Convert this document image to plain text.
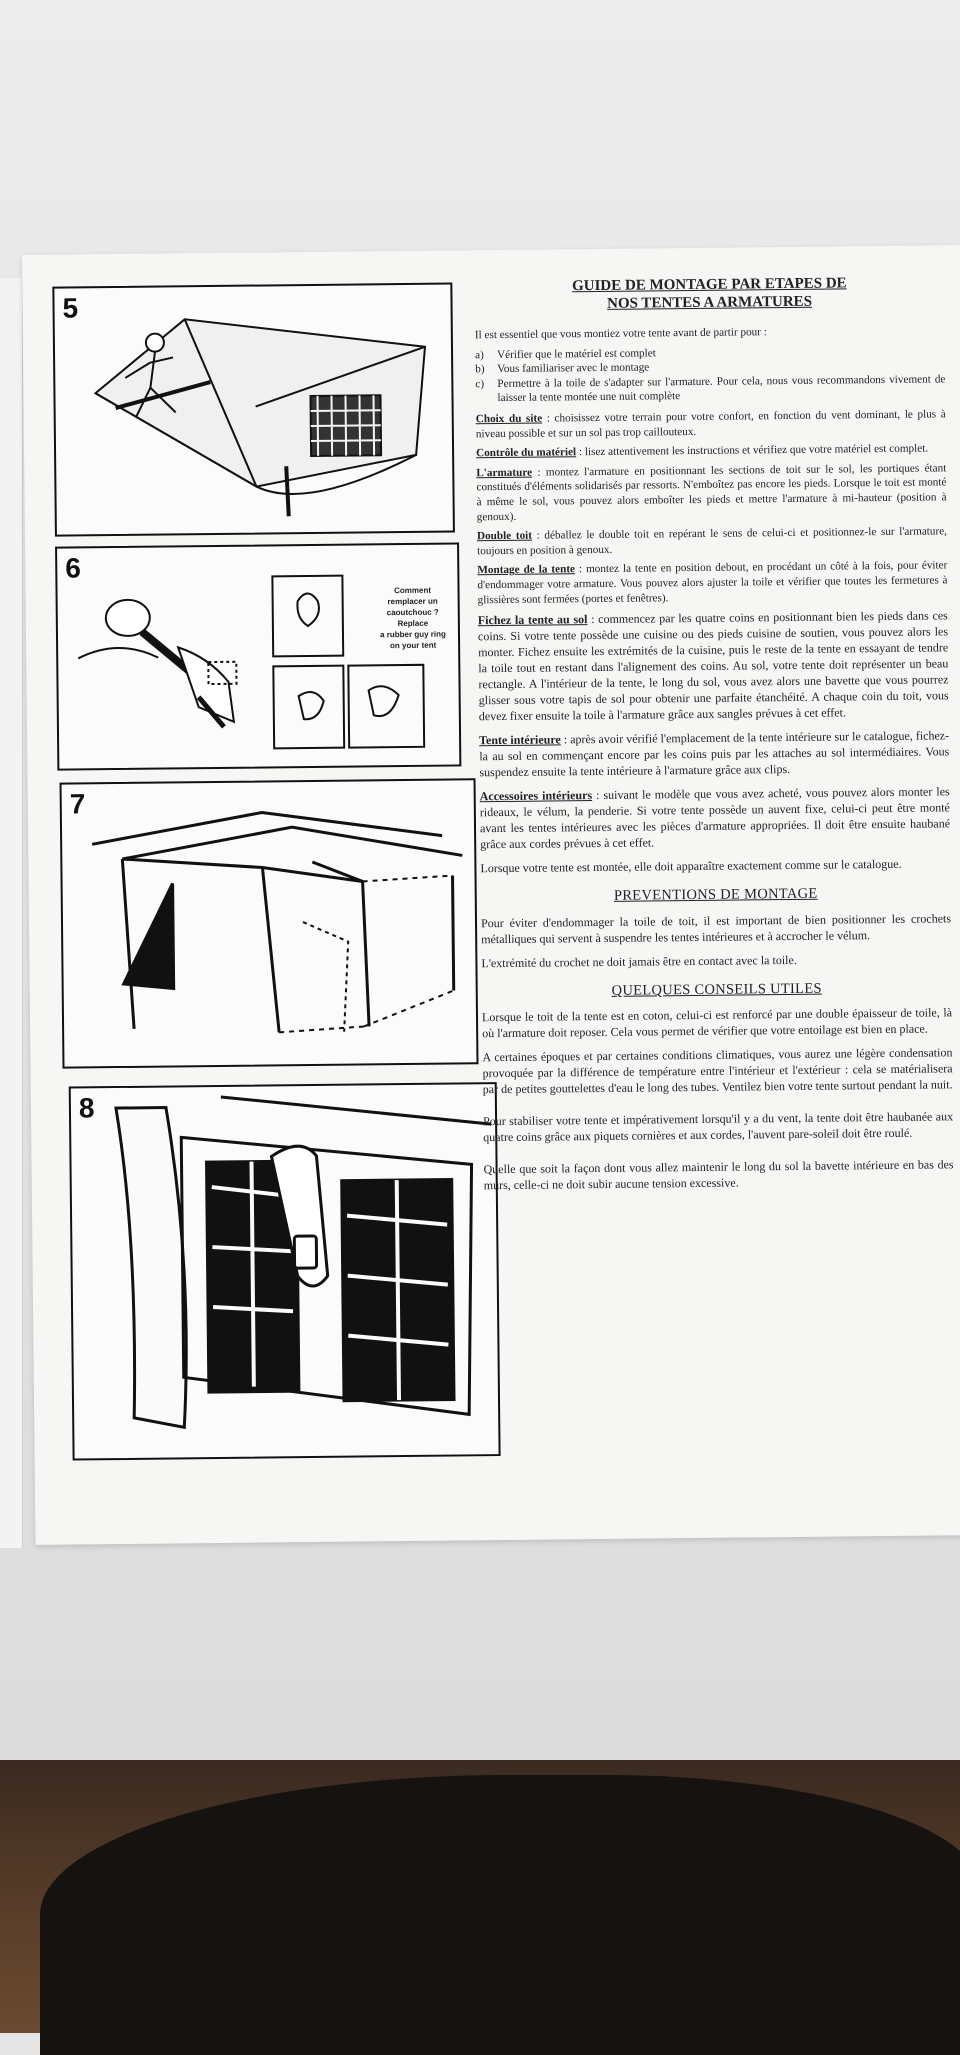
5
6
Comment
remplacer un
caoutchouc ?
Replace
a rubber guy ring
on your tent
7
8
GUIDE DE MONTAGE PAR ETAPES DE
NOS TENTES A ARMATURES

Il est essentiel que vous montiez votre tente avant de partir pour :

a)	Vérifier que le matériel est complet
b)	Vous familiariser avec le montage
c)	Permettre à la toile de s'adapter sur l'armature. Pour cela, nous vous recommandons vivement de laisser la tente montée une nuit complète

Choix du site : choisissez votre terrain pour votre confort, en fonction du vent dominant, le plus à niveau possible et sur un sol pas trop caillouteux.

Contrôle du matériel : lisez attentivement les instructions et vérifiez que votre matériel est complet.

L'armature : montez l'armature en positionnant les sections de toit sur le sol, les portiques étant constitués d'éléments solidarisés par ressorts. N'emboîtez pas encore les pieds. Lorsque le toit est monté à même le sol, vous pouvez alors emboîter les pieds et mettre l'armature à mi-hauteur (position à genoux).

Double toit : déballez le double toit en repérant le sens de celui-ci et positionnez-le sur l'armature, toujours en position à genoux.

Montage de la tente : montez la tente en position debout, en procédant un côté à la fois, pour éviter d'endommager votre armature. Vous pouvez alors ajuster la toile et vérifier que toutes les fermetures à glissières sont fermées (portes et fenêtres).

Fichez la tente au sol : commencez par les quatre coins en positionnant bien les pieds dans ces coins. Si votre tente possède une cuisine ou des pieds cuisine de soutien, vous pouvez alors les monter. Fichez ensuite les extrémités de la cuisine, puis le reste de la tente en essayant de tendre la toile tout en restant dans l'alignement des coins. Au sol, votre tente doit représenter un beau rectangle. A l'intérieur de la tente, le long du sol, vous avez alors une bavette que vous pourrez glisser sous votre tapis de sol pour obtenir une parfaite étanchéité. A chaque coin du toit, vous devez fixer ensuite la toile à l'armature grâce aux sangles prévues à cet effet.

Tente intérieure : après avoir vérifié l'emplacement de la tente intérieure sur le catalogue, fichez-la au sol en commençant encore par les coins puis par les attaches au sol intermédiaires. Vous suspendez ensuite la tente intérieure à l'armature grâce aux clips.

Accessoires intérieurs : suivant le modèle que vous avez acheté, vous pouvez alors monter les rideaux, le vélum, la penderie. Si votre tente possède un auvent fixe, celui-ci peut être monté avant les tentes intérieures avec les pièces d'armature appropriées. Il doit être ensuite haubané grâce aux cordes prévues à cet effet.

Lorsque votre tente est montée, elle doit apparaître exactement comme sur le catalogue.

PREVENTIONS DE MONTAGE

Pour éviter d'endommager la toile de toit, il est important de bien positionner les crochets métalliques qui servent à suspendre les tentes intérieures et à accrocher le vélum.

L'extrémité du crochet ne doit jamais être en contact avec la toile.

QUELQUES CONSEILS UTILES

Lorsque le toit de la tente est en coton, celui-ci est renforcé par une double épaisseur de toile, là où l'armature doit reposer. Cela vous permet de vérifier que votre entoilage est bien en place.

A certaines époques et par certaines conditions climatiques, vous aurez une légère condensation provoquée par la différence de température entre l'intérieur et l'extérieur : cela se matérialisera par de petites gouttelettes d'eau le long des tubes. Ventilez bien votre tente surtout pendant la nuit.

Pour stabiliser votre tente et impérativement lorsqu'il y a du vent, la tente doit être haubanée aux quatre coins grâce aux piquets cornières et aux cordes, l'auvent pare-soleil doit être roulé.

Quelle que soit la façon dont vous allez maintenir le long du sol la bavette intérieure en bas des murs, celle-ci ne doit subir aucune tension excessive.
